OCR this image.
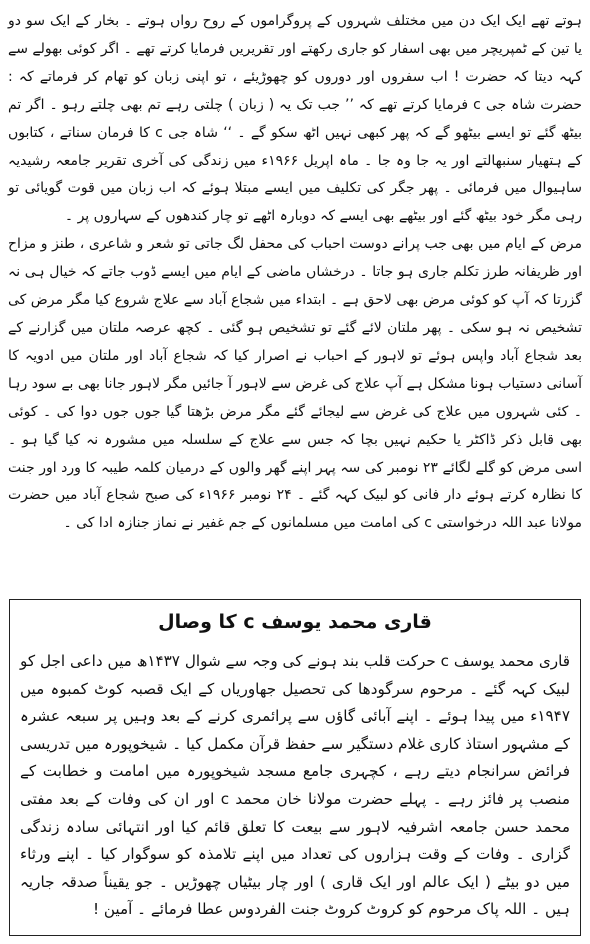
ہوتے تھے ایک ایک دن میں مختلف شہروں کے پروگراموں کے روح رواں ہوتے ۔ بخار کے ایک سو دو یا تین کے ٹمپریچر میں بھی اسفار کو جاری رکھتے اور تقریریں فرمایا کرتے تھے ۔ اگر کوئی بھولے سے کہہ دیتا کہ حضرت ! اب سفروں اور دوروں کو چھوڑیئے ، تو اپنی زبان کو تھام کر فرماتے کہ : حضرت شاہ جی c فرمایا کرتے تھے کہ ’’ جب تک یہ ( زبان ) چلتی رہے تم بھی چلتے رہو ۔ اگر تم بیٹھ گئے تو ایسے بیٹھو گے کہ پھر کبھی نہیں اٹھ سکو گے ۔ ‘‘ شاہ جی c کا فرمان سناتے ، کتابوں کے ہتھیار سنبھالتے اور یہ جا وہ جا ۔ ماہ اپریل ۱۹۶۶ء میں زندگی کی آخری تقریر جامعہ رشیدیہ ساہیوال میں فرمائی ۔ پھر جگر کی تکلیف میں ایسے مبتلا ہوئے کہ اب زبان میں قوت گویائی تو رہی مگر خود بیٹھ گئے اور بیٹھے بھی ایسے کہ دوبارہ اٹھے تو چار کندھوں کے سہاروں پر ۔

مرض کے ایام میں بھی جب پرانے دوست احباب کی محفل لگ جاتی تو شعر و شاعری ، طنز و مزاح اور ظریفانہ طرز تکلم جاری ہو جاتا ۔ درخشاں ماضی کے ایام میں ایسے ڈوب جاتے کہ خیال ہی نہ گزرتا کہ آپ کو کوئی مرض بھی لاحق ہے ۔ ابتداء میں شجاع آباد سے علاج شروع کیا مگر مرض کی تشخیص نہ ہو سکی ۔ پھر ملتان لائے گئے تو تشخیص ہو گئی ۔ کچھ عرصہ ملتان میں گزارنے کے بعد شجاع آباد واپس ہوئے تو لاہور کے احباب نے اصرار کیا کہ شجاع آباد اور ملتان میں ادویہ کا آسانی دستیاب ہونا مشکل ہے آپ علاج کی غرض سے لاہور آ جائیں مگر لاہور جانا بھی بے سود رہا ۔ کئی شہروں میں علاج کی غرض سے لیجائے گئے مگر مرض بڑھتا گیا جوں جوں دوا کی ۔ کوئی بھی قابل ذکر ڈاکٹر یا حکیم نہیں بچا کہ جس سے علاج کے سلسلہ میں مشورہ نہ کیا گیا ہو ۔ اسی مرض کو گلے لگائے ۲۳ نومبر کی سہ پہر اپنے گھر والوں کے درمیان کلمہ طیبہ کا ورد اور جنت کا نظارہ کرتے ہوئے دار فانی کو لبیک کہہ گئے ۔ ۲۴ نومبر ۱۹۶۶ء کی صبح شجاع آباد میں حضرت مولانا عبد اللہ درخواستی c کی امامت میں مسلمانوں کے جم غفیر نے نماز جنازہ ادا کی ۔

قاری محمد یوسف c کا وصال

قاری محمد یوسف c حرکت قلب بند ہونے کی وجہ سے شوال ۱۴۳۷ھ میں داعی اجل کو لبیک کہہ گئے ۔ مرحوم سرگودھا کی تحصیل جھاوریاں کے ایک قصبہ کوٹ کمبوہ میں ۱۹۴۷ء میں پیدا ہوئے ۔ اپنے آبائی گاؤں سے پرائمری کرنے کے بعد وہیں پر سبعہ عشرہ کے مشہور استاذ کاری غلام دستگیر سے حفظ قرآن مکمل کیا ۔ شیخوپورہ میں تدریسی فرائض سرانجام دیتے رہے ، کچہری جامع مسجد شیخوپورہ میں امامت و خطابت کے منصب پر فائز رہے ۔ پہلے حضرت مولانا خان محمد c اور ان کی وفات کے بعد مفتی محمد حسن جامعہ اشرفیہ لاہور سے بیعت کا تعلق قائم کیا اور انتہائی سادہ زندگی گزاری ۔ وفات کے وقت ہزاروں کی تعداد میں اپنے تلامذہ کو سوگوار کیا ۔ اپنے ورثاء میں دو بیٹے ( ایک عالم اور ایک قاری ) اور چار بیٹیاں چھوڑیں ۔ جو یقیناً صدقہ جاریہ ہیں ۔ اللہ پاک مرحوم کو کروٹ کروٹ جنت الفردوس عطا فرمائے ۔ آمین !
